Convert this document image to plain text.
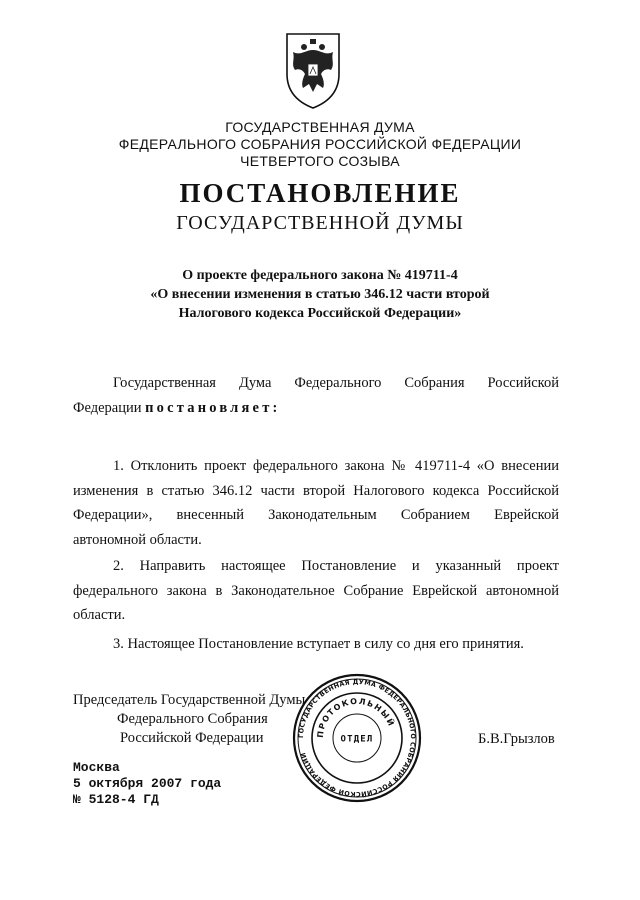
ГОСУДАРСТВЕННАЯ ДУМА
ФЕДЕРАЛЬНОГО СОБРАНИЯ РОССИЙСКОЙ ФЕДЕРАЦИИ
ЧЕТВЕРТОГО СОЗЫВА
ПОСТАНОВЛЕНИЕ
ГОСУДАРСТВЕННОЙ ДУМЫ
О проекте федерального закона № 419711-4
«О внесении изменения в статью 346.12 части второй
Налогового кодекса Российской Федерации»
Государственная Дума Федерального Собрания Российской
Федерации постановляет:
1. Отклонить проект федерального закона № 419711-4 «О внесении
изменения в статью 346.12 части второй Налогового кодекса Российской
Федерации», внесенный Законодательным Собранием Еврейской
автономной области.
2. Направить настоящее Постановление и указанный проект
федерального закона в Законодательное Собрание Еврейской автономной
области.
3. Настоящее Постановление вступает в силу со дня его принятия.
Председатель Государственной Думы
Федерального Собрания
Российской Федерации	Б.В.Грызлов
ГОСУДАРСТВЕННАЯ ДУМА ФЕДЕРАЛЬНОГО СОБРАНИЯ РОССИЙСКОЙ ФЕДЕРАЦИИ
ПРОТОКОЛЬНЫЙ
ОТДЕЛ
Москва
5 октября 2007 года
№ 5128-4 ГД
